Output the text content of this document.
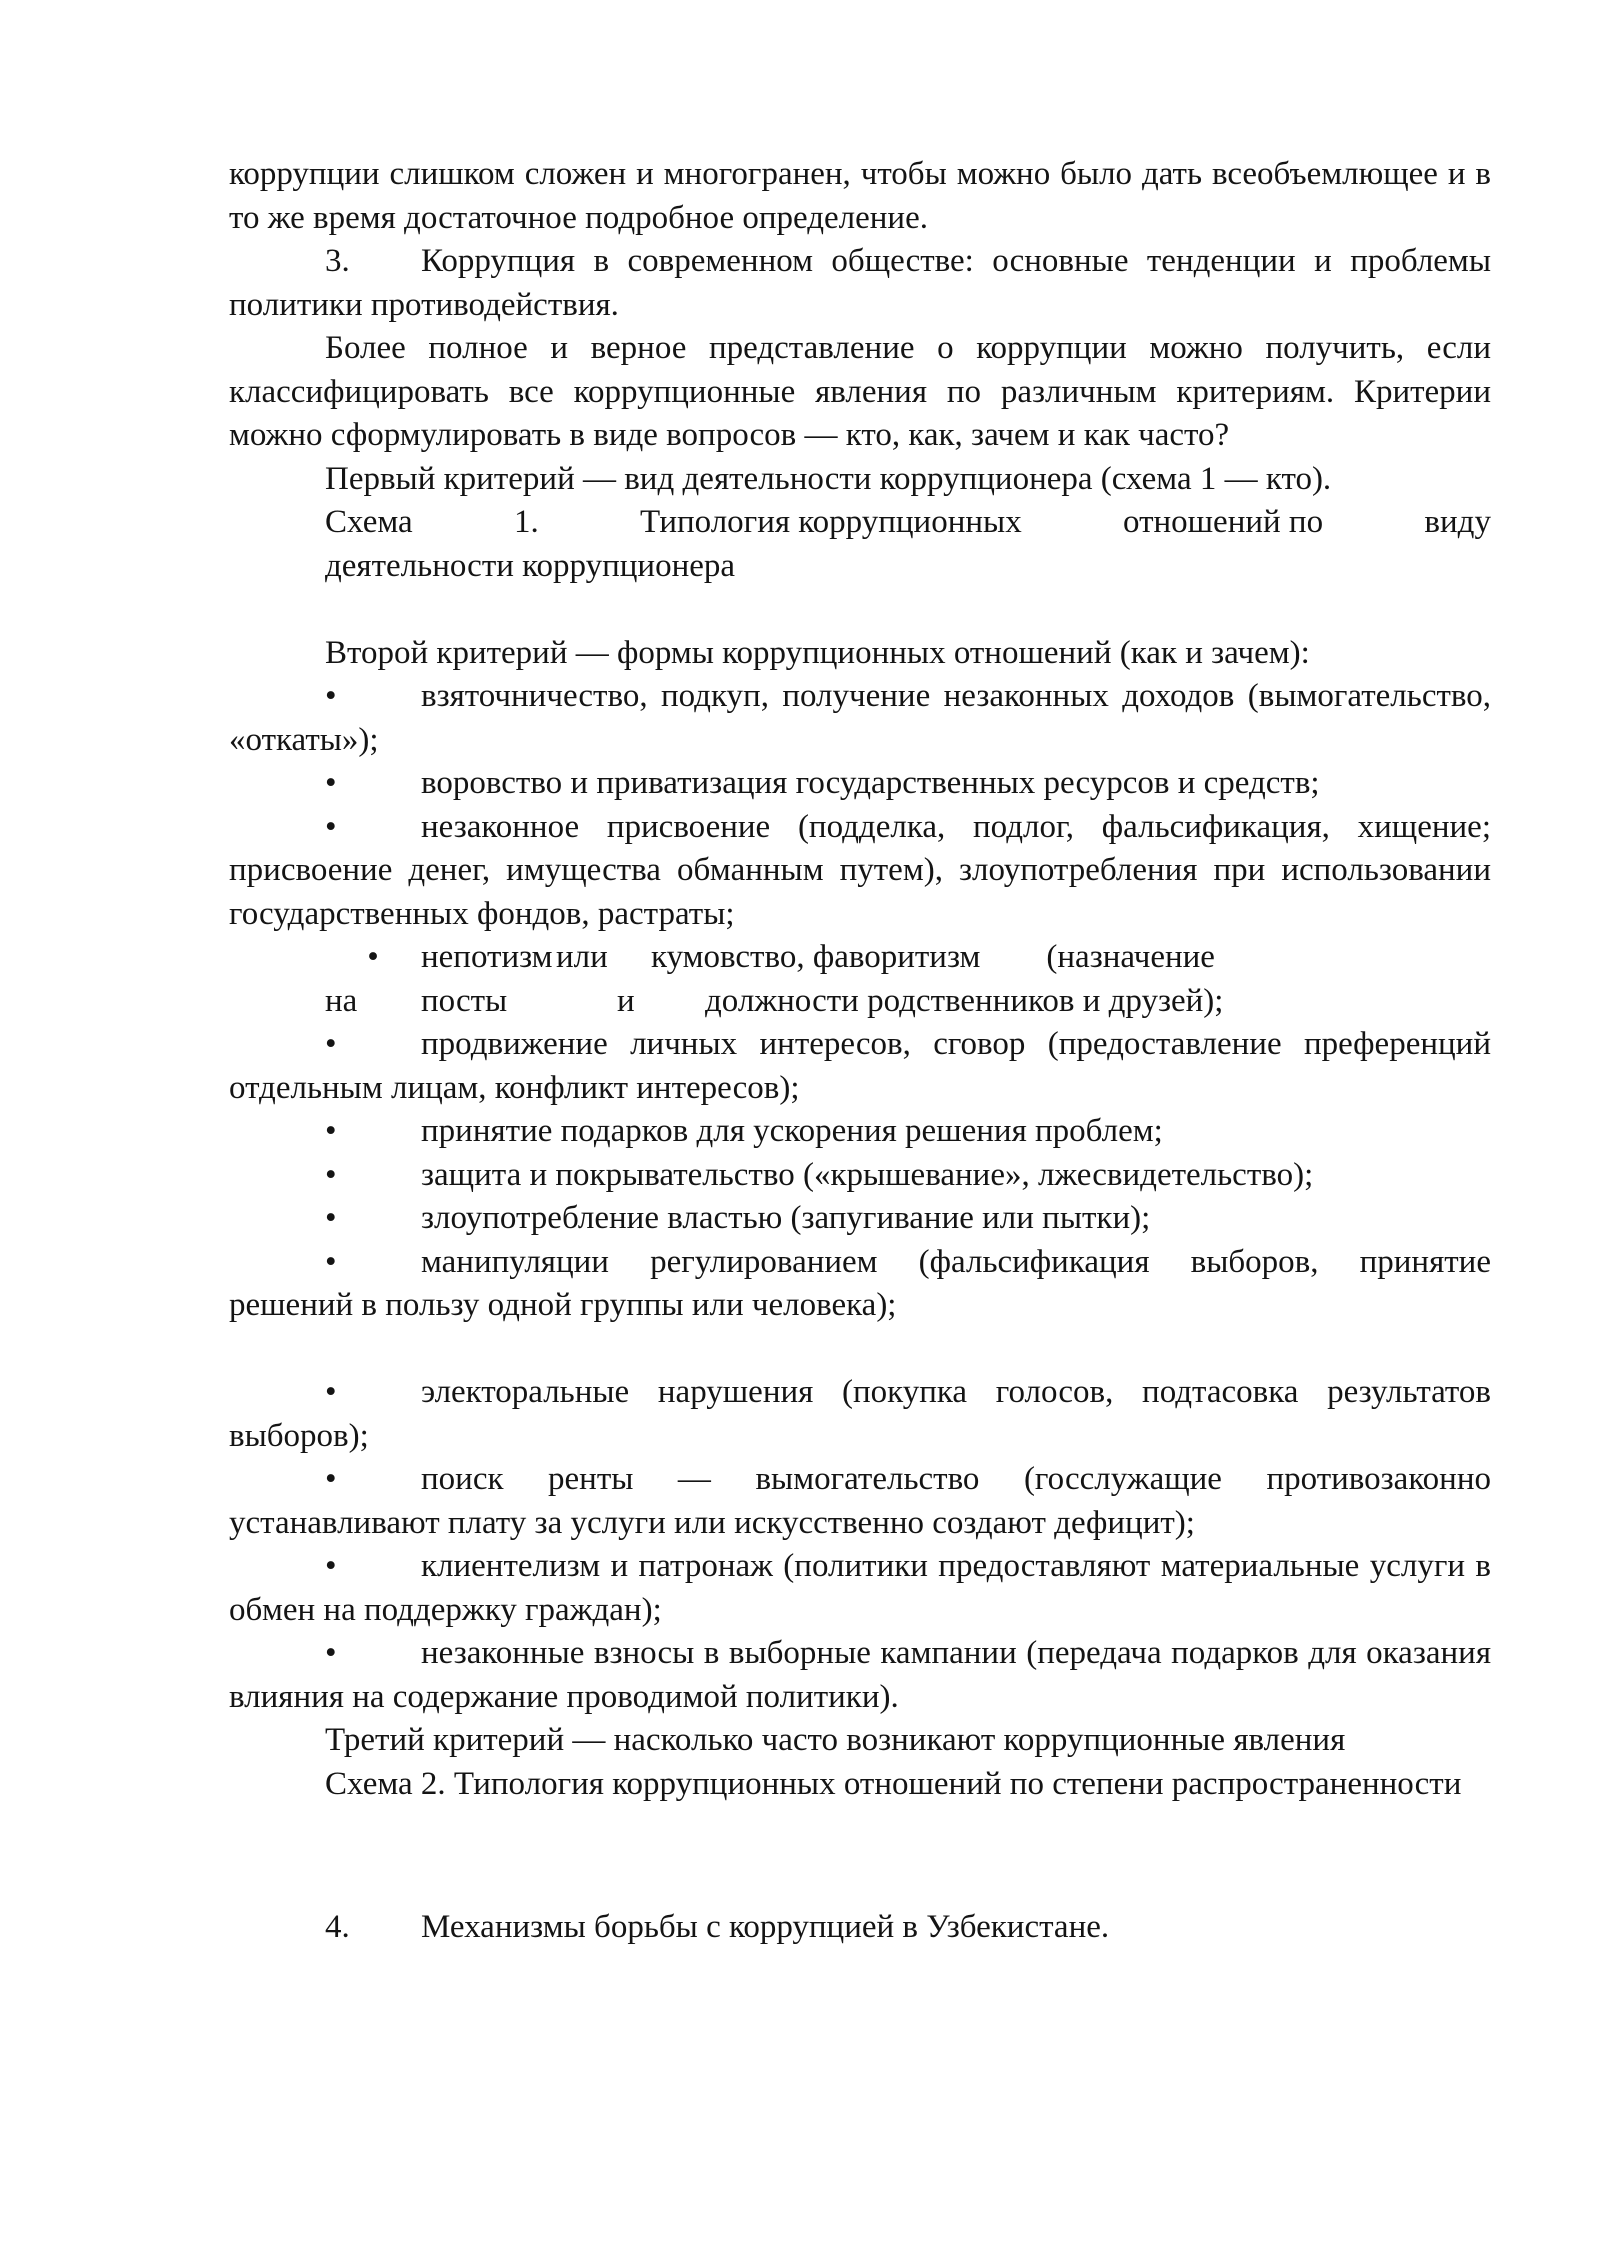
коррупции слишком сложен и многогранен, чтобы можно было дать всеобъемлющее и в то же время достаточное подробное определение.

3. Коррупция в современном обществе: основные тенденции и проблемы политики противодействия.

Более полное и верное представление о коррупции можно получить, если классифицировать все коррупционные явления по различным критериям. Критерии можно сформулировать в виде вопросов — кто, как, зачем и как часто?

Первый критерий — вид деятельности коррупционера (схема 1 — кто).

Схема	1.	Типология коррупционных	отношений по	виду
деятельности коррупционера

Второй критерий — формы коррупционных отношений (как и зачем):

•	взяточничество, подкуп, получение незаконных доходов (вымогательство, «откаты»);

•	воровство и приватизация государственных ресурсов и средств;

•	незаконное присвоение (подделка, подлог, фальсификация, хищение; присвоение денег, имущества обманным путем), злоупотребления при использовании государственных фондов, растраты;

•	непотизм или	кумовство, фаворитизм        (назначение
на	посты	и	должности родственников и друзей);

•	продвижение личных интересов, сговор (предоставление преференций отдельным лицам, конфликт интересов);

•	принятие подарков для ускорения решения проблем;

•	защита и покрывательство («крышевание», лжесвидетельство);

•	злоупотребление властью (запугивание или пытки);

•	манипуляции регулированием (фальсификация выборов, принятие решений в пользу одной группы или человека);

•	электоральные нарушения (покупка голосов, подтасовка результатов выборов);

•	поиск ренты — вымогательство (госслужащие противозаконно устанавливают плату за услуги или искусственно создают дефицит);

•	клиентелизм и патронаж (политики предоставляют материальные услуги в обмен на поддержку граждан);

•	незаконные взносы в выборные кампании (передача подарков для оказания влияния на содержание проводимой политики).

Третий критерий — насколько часто возникают коррупционные явления

Схема 2. Типология коррупционных отношений по степени распространенности

4. Механизмы борьбы с коррупцией в Узбекистане.
